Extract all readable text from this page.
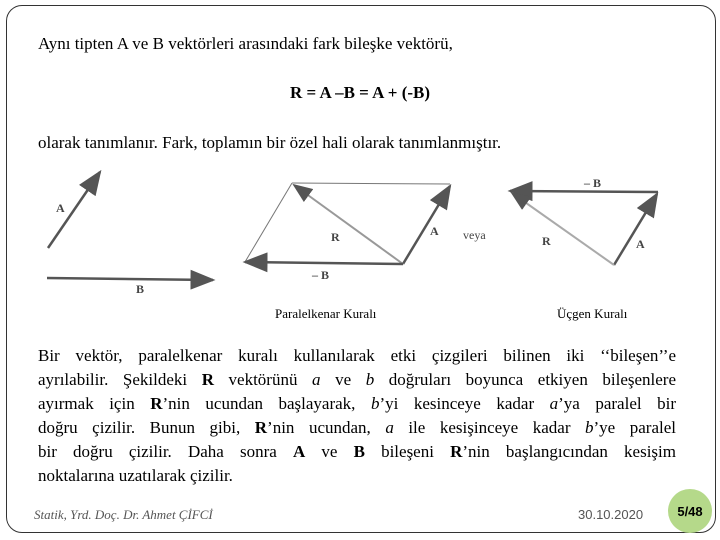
Aynı tipten A ve B vektörleri arasındaki fark bileşke vektörü,
R = A –B = A + (-B)
olarak tanımlanır. Fark, toplamın bir özel hali olarak tanımlanmıştır.
A
B
R	A
– B
veya
– B
R	A
Paralelkenar Kuralı	Üçgen Kuralı
Bir vektör, paralelkenar kuralı kullanılarak etki çizgileri bilinen iki ‘‘bileşen’’e
ayrılabilir. Şekildeki R vektörünü a ve b doğruları boyunca etkiyen bileşenlere
ayırmak için R’nin ucundan başlayarak, b’yi kesinceye kadar a’ya paralel bir
doğru çizilir. Bunun gibi, R’nin ucundan, a ile kesişinceye kadar b’ye paralel
bir doğru çizilir. Daha sonra A ve B bileşeni R’nin başlangıcından kesişim
noktalarına uzatılarak çizilir.
Statik, Yrd. Doç. Dr. Ahmet ÇİFCİ	30.10.2020	5/48
